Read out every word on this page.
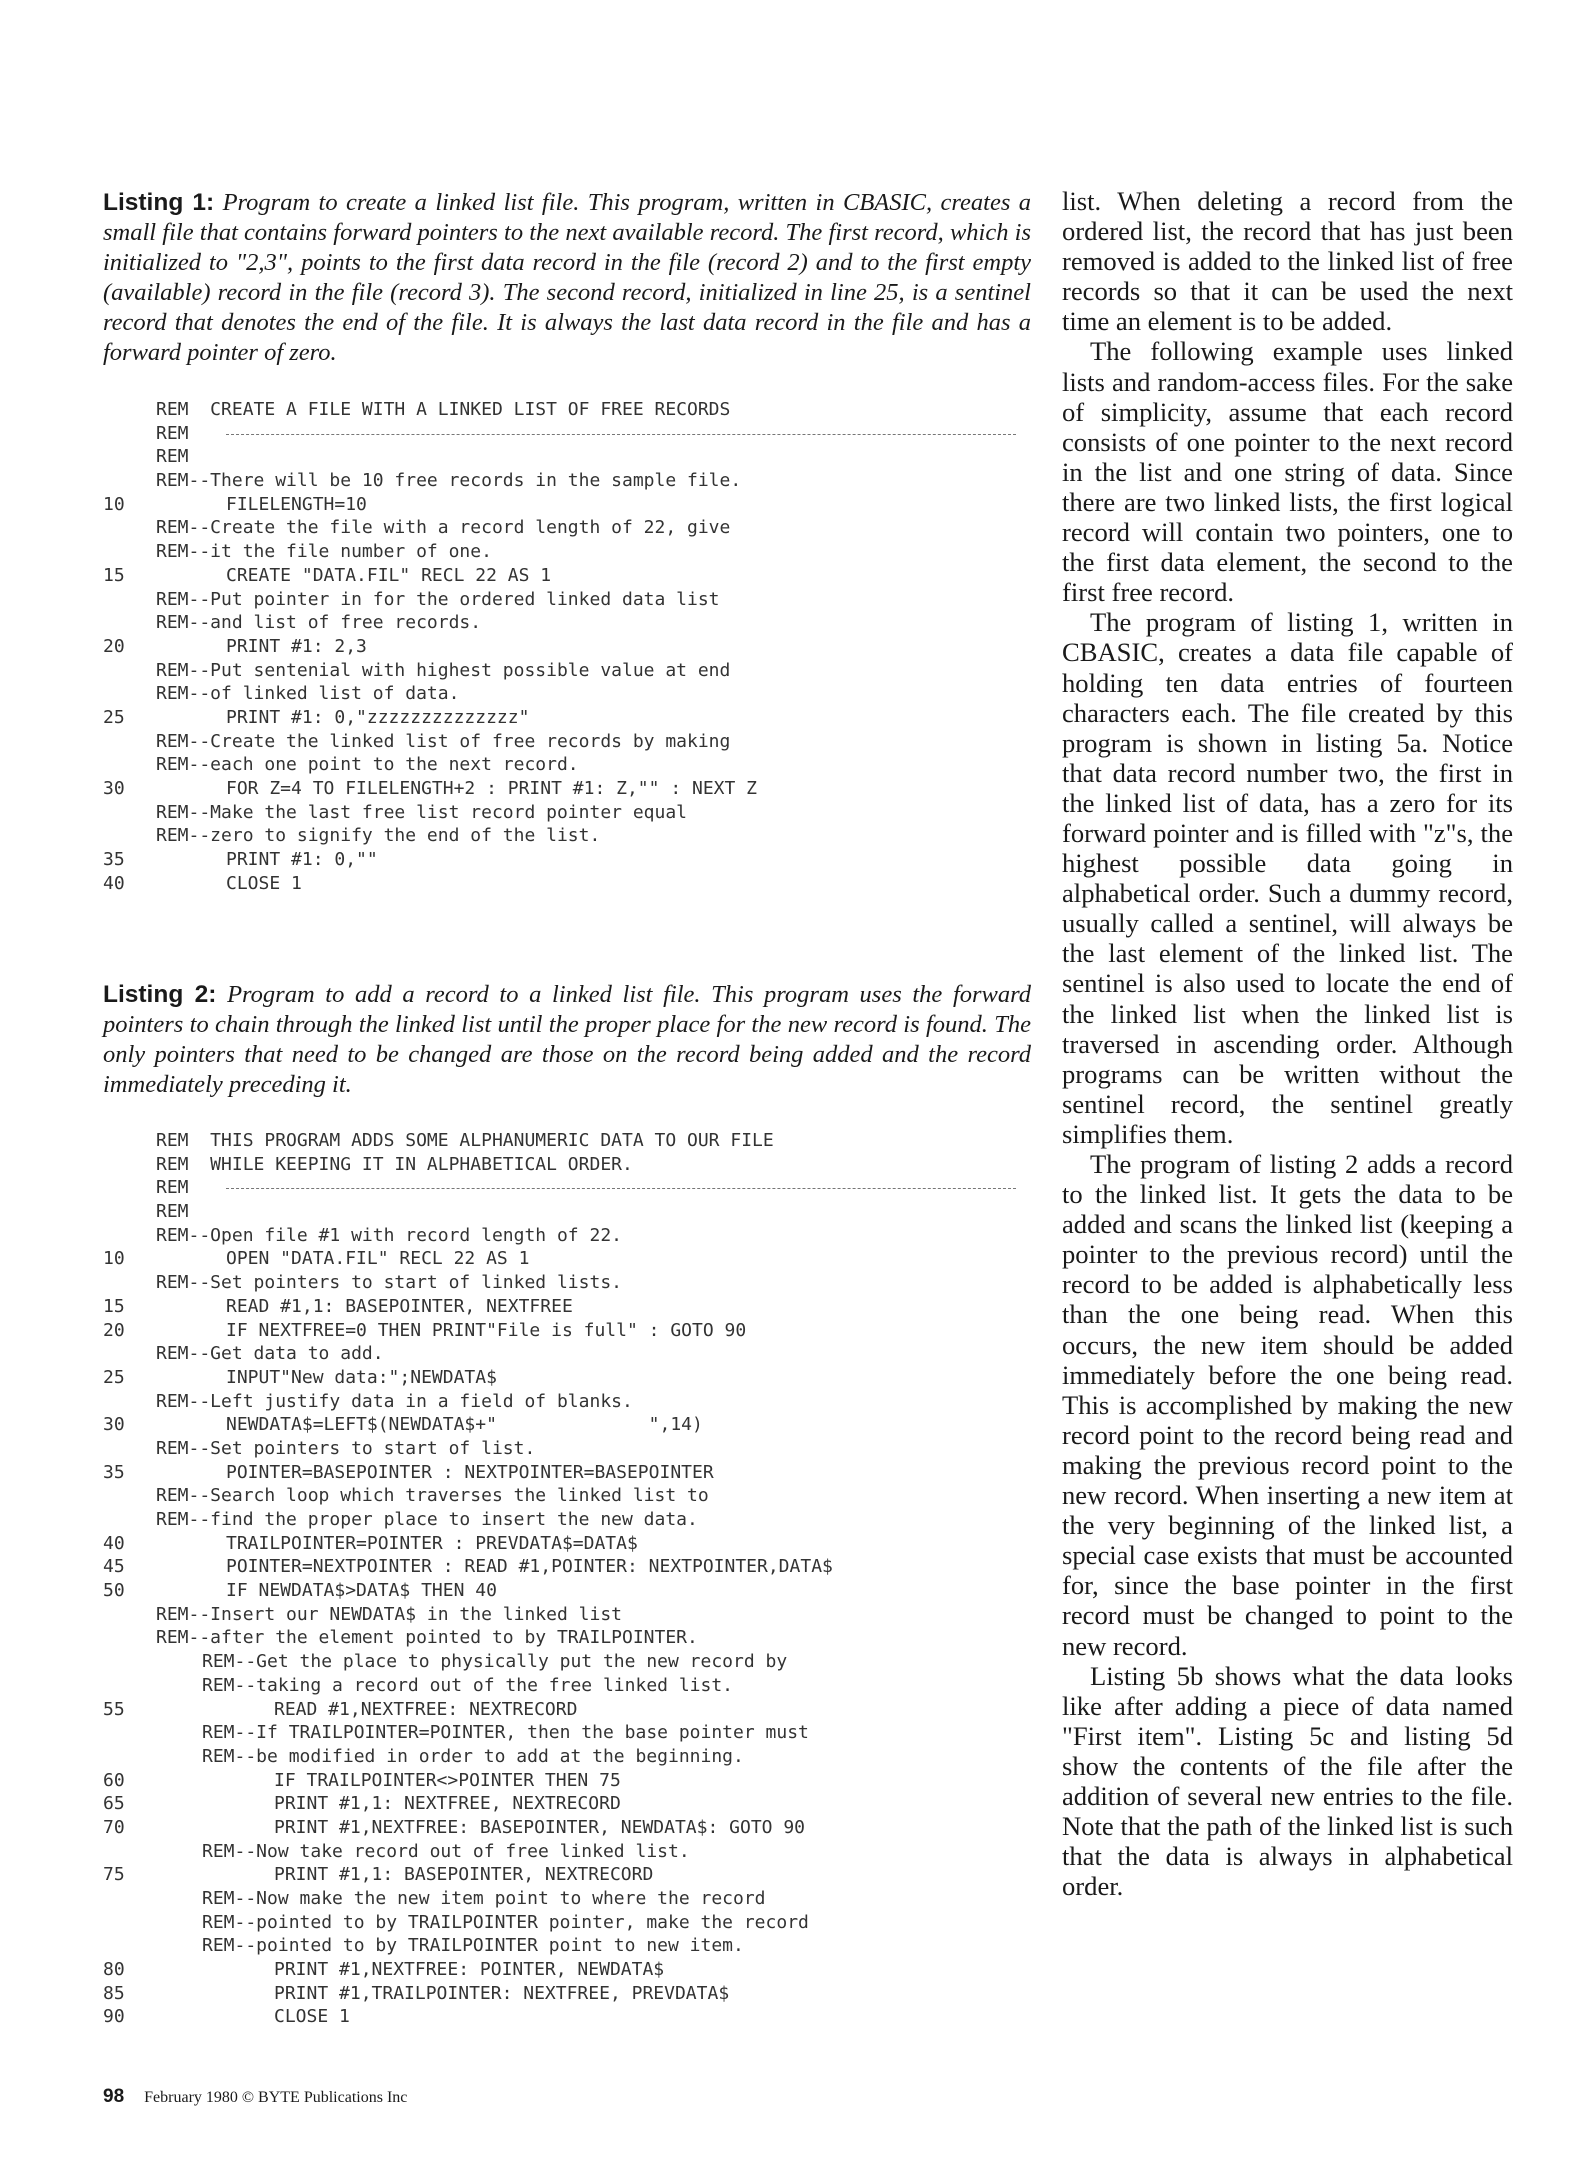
Listing 1: Program to create a linked list file. This program, written in CBASIC, creates a small file that contains forward pointers to the next available record. The first record, which is initialized to "2,3", points to the first data record in the file (record 2) and to the first empty (available) record in the file (record 3). The second record, initialized in line 25, is a sentinel record that denotes the end of the file. It is always the last data record in the file and has a forward pointer of zero.

REM  CREATE A FILE WITH A LINKED LIST OF FREE RECORDS
REM
REM
REM--There will be 10 free records in the sample file.
10	FILELENGTH=10
REM--Create the file with a record length of 22, give
REM--it the file number of one.
15	CREATE "DATA.FIL" RECL 22 AS 1
REM--Put pointer in for the ordered linked data list
REM--and list of free records.
20	PRINT #1: 2,3
REM--Put sentenial with highest possible value at end
REM--of linked list of data.
25	PRINT #1: 0,"zzzzzzzzzzzzzz"
REM--Create the linked list of free records by making
REM--each one point to the next record.
30	FOR Z=4 TO FILELENGTH+2 : PRINT #1: Z,"" : NEXT Z
REM--Make the last free list record pointer equal
REM--zero to signify the end of the list.
35	PRINT #1: 0,""
40	CLOSE 1

Listing 2: Program to add a record to a linked list file. This program uses the forward pointers to chain through the linked list until the proper place for the new record is found. The only pointers that need to be changed are those on the record being added and the record immediately preceding it.

REM  THIS PROGRAM ADDS SOME ALPHANUMERIC DATA TO OUR FILE
REM  WHILE KEEPING IT IN ALPHABETICAL ORDER.
REM
REM
REM--Open file #1 with record length of 22.
10	OPEN "DATA.FIL" RECL 22 AS 1
REM--Set pointers to start of linked lists.
15	READ #1,1: BASEPOINTER, NEXTFREE
20	IF NEXTFREE=0 THEN PRINT"File is full" : GOTO 90
REM--Get data to add.
25	INPUT"New data:";NEWDATA$
REM--Left justify data in a field of blanks.
30	NEWDATA$=LEFT$(NEWDATA$+"              ",14)
REM--Set pointers to start of list.
35	POINTER=BASEPOINTER : NEXTPOINTER=BASEPOINTER
REM--Search loop which traverses the linked list to
REM--find the proper place to insert the new data.
40	TRAILPOINTER=POINTER : PREVDATA$=DATA$
45	POINTER=NEXTPOINTER : READ #1,POINTER: NEXTPOINTER,DATA$
50	IF NEWDATA$>DATA$ THEN 40
REM--Insert our NEWDATA$ in the linked list
REM--after the element pointed to by TRAILPOINTER.
REM--Get the place to physically put the new record by
REM--taking a record out of the free linked list.
55	READ #1,NEXTFREE: NEXTRECORD
REM--If TRAILPOINTER=POINTER, then the base pointer must
REM--be modified in order to add at the beginning.
60	IF TRAILPOINTER<>POINTER THEN 75
65	PRINT #1,1: NEXTFREE, NEXTRECORD
70	PRINT #1,NEXTFREE: BASEPOINTER, NEWDATA$: GOTO 90
REM--Now take record out of free linked list.
75	PRINT #1,1: BASEPOINTER, NEXTRECORD
REM--Now make the new item point to where the record
REM--pointed to by TRAILPOINTER pointer, make the record
REM--pointed to by TRAILPOINTER point to new item.
80	PRINT #1,NEXTFREE: POINTER, NEWDATA$
85	PRINT #1,TRAILPOINTER: NEXTFREE, PREVDATA$
90	CLOSE 1

list. When deleting a record from the ordered list, the record that has just been removed is added to the linked list of free records so that it can be used the next time an element is to be added.

The following example uses linked lists and random-access files. For the sake of simplicity, assume that each record consists of one pointer to the next record in the list and one string of data. Since there are two linked lists, the first logical record will contain two pointers, one to the first data element, the second to the first free record.

The program of listing 1, written in CBASIC, creates a data file capable of holding ten data entries of fourteen characters each. The file created by this program is shown in listing 5a. Notice that data record number two, the first in the linked list of data, has a zero for its forward pointer and is filled with "z"s, the highest possible data going in alphabetical order. Such a dummy record, usually called a sentinel, will always be the last element of the linked list. The sentinel is also used to locate the end of the linked list when the linked list is traversed in ascending order. Although programs can be written without the sentinel record, the sentinel greatly simplifies them.

The program of listing 2 adds a record to the linked list. It gets the data to be added and scans the linked list (keeping a pointer to the previous record) until the record to be added is alphabetically less than the one being read. When this occurs, the new item should be added immediately before the one being read. This is accomplished by making the new record point to the record being read and making the previous record point to the new record. When inserting a new item at the very beginning of the linked list, a special case exists that must be accounted for, since the base pointer in the first record must be changed to point to the new record.

Listing 5b shows what the data looks like after adding a piece of data named "First item". Listing 5c and listing 5d show the contents of the file after the addition of several new entries to the file. Note that the path of the linked list is such that the data is always in alphabetical order.

98 February 1980 © BYTE Publications Inc
